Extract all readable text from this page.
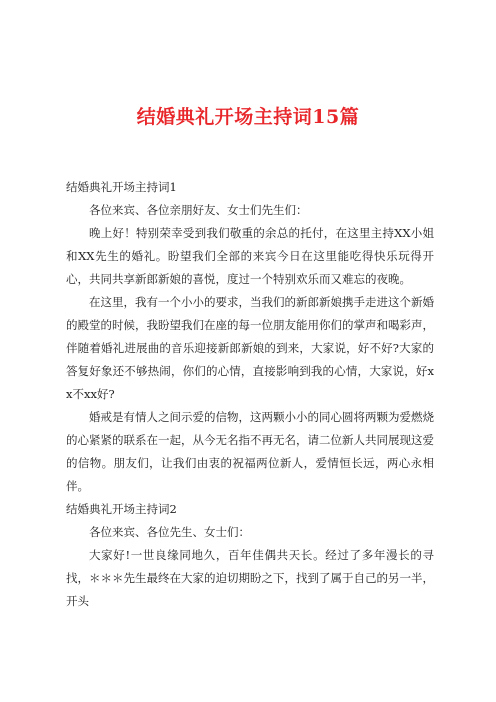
结婚典礼开场主持词15篇

结婚典礼开场主持词1

各位来宾、各位亲朋好友、女士们先生们：

晚上好！特别荣幸受到我们敬重的余总的托付，在这里主持XX小姐和XX先生的婚礼。盼望我们全部的来宾今日在这里能吃得快乐玩得开心，共同共享新郎新娘的喜悦，度过一个特别欢乐而又难忘的夜晚。

在这里，我有一个小小的要求，当我们的新郎新娘携手走进这个新婚的殿堂的时候，我盼望我们在座的每一位朋友能用你们的掌声和喝彩声，伴随着婚礼进展曲的音乐迎接新郎新娘的到来，大家说，好不好?大家的答复好象还不够热闹，你们的心情，直接影响到我的心情，大家说，好xx不xx好?

婚戒是有情人之间示爱的信物，这两颗小小的同心圆将两颗为爱燃烧的心紧紧的联系在一起，从今无名指不再无名，请二位新人共同展现这爱的信物。朋友们，让我们由衷的祝福两位新人，爱情恒长远，两心永相伴。

结婚典礼开场主持词2

各位来宾、各位先生、女士们：

大家好!一世良缘同地久，百年佳偶共天长。经过了多年漫长的寻找，＊＊＊先生最终在大家的迫切期盼之下，找到了属于自己的另一半，开头
